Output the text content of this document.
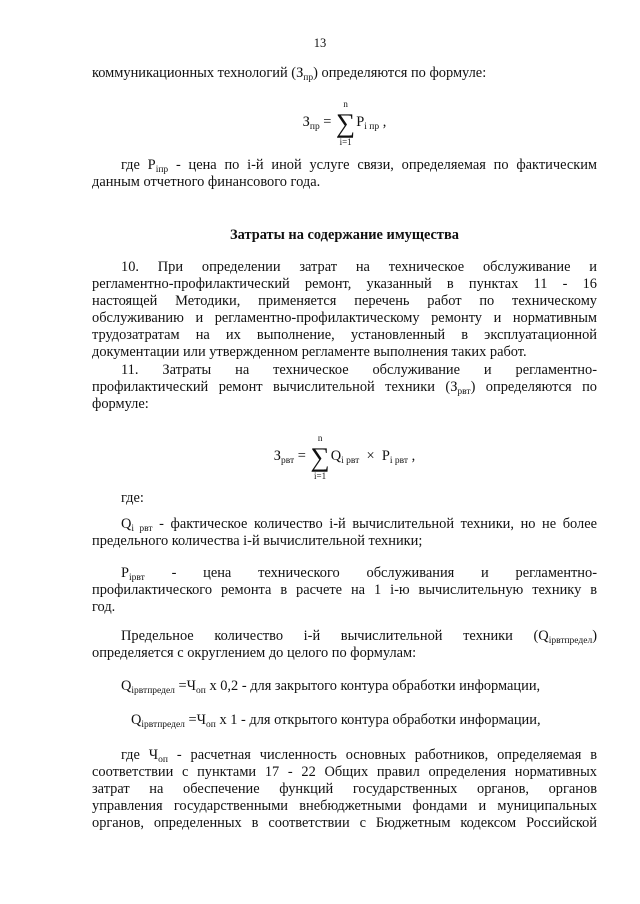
13

коммуникационных технологий $(З_{пр})$ определяются по формуле:

$З_{пр}$ = ∑
n
i=1
$P_{i пр}$ ,

где $P_{iпр}$ - цена по i-й иной услуге связи, определяемая по фактическим

данным отчетного финансового года.

Затраты на содержание имущества

10. При определении затрат на техническое обслуживание и

регламентно-профилактический ремонт, указанный в пунктах 11 - 16

настоящей Методики, применяется перечень работ по техническому

обслуживанию и регламентно-профилактическому ремонту и нормативным

трудозатратам на их выполнение, установленный в эксплуатационной

документации или утвержденном регламенте выполнения таких работ.

11. Затраты на техническое обслуживание и регламентно-

профилактический ремонт вычислительной техники $(З_{рвт})$ определяются по

формуле:

$З_{рвт}$ = ∑
n
i=1
$Q_{i рвт} \times P_{i рвт}$ ,

где:

$Q_{i рвт}$ - фактическое количество i-й вычислительной техники, но не более

предельного количества i-й вычислительной техники;

$P_{iрвт}$ - цена технического обслуживания и регламентно-

профилактического ремонта в расчете на 1 i-ю вычислительную технику в

год.

Предельное количество i-й вычислительной техники $(Q_{iрвтпредел})$

определяется с округлением до целого по формулам:

$Q_{iрвтпредел} =Ч_{оп}$ х 0,2 - для закрытого контура обработки информации,

$Q_{iрвтпредел} =Ч_{оп}$ х 1 - для открытого контура обработки информации,

где $Ч_{оп}$ - расчетная численность основных работников, определяемая в

соответствии с пунктами 17 - 22 Общих правил определения нормативных

затрат на обеспечение функций государственных органов, органов

управления государственными внебюджетными фондами и муниципальных

органов, определенных в соответствии с Бюджетным кодексом Российской
